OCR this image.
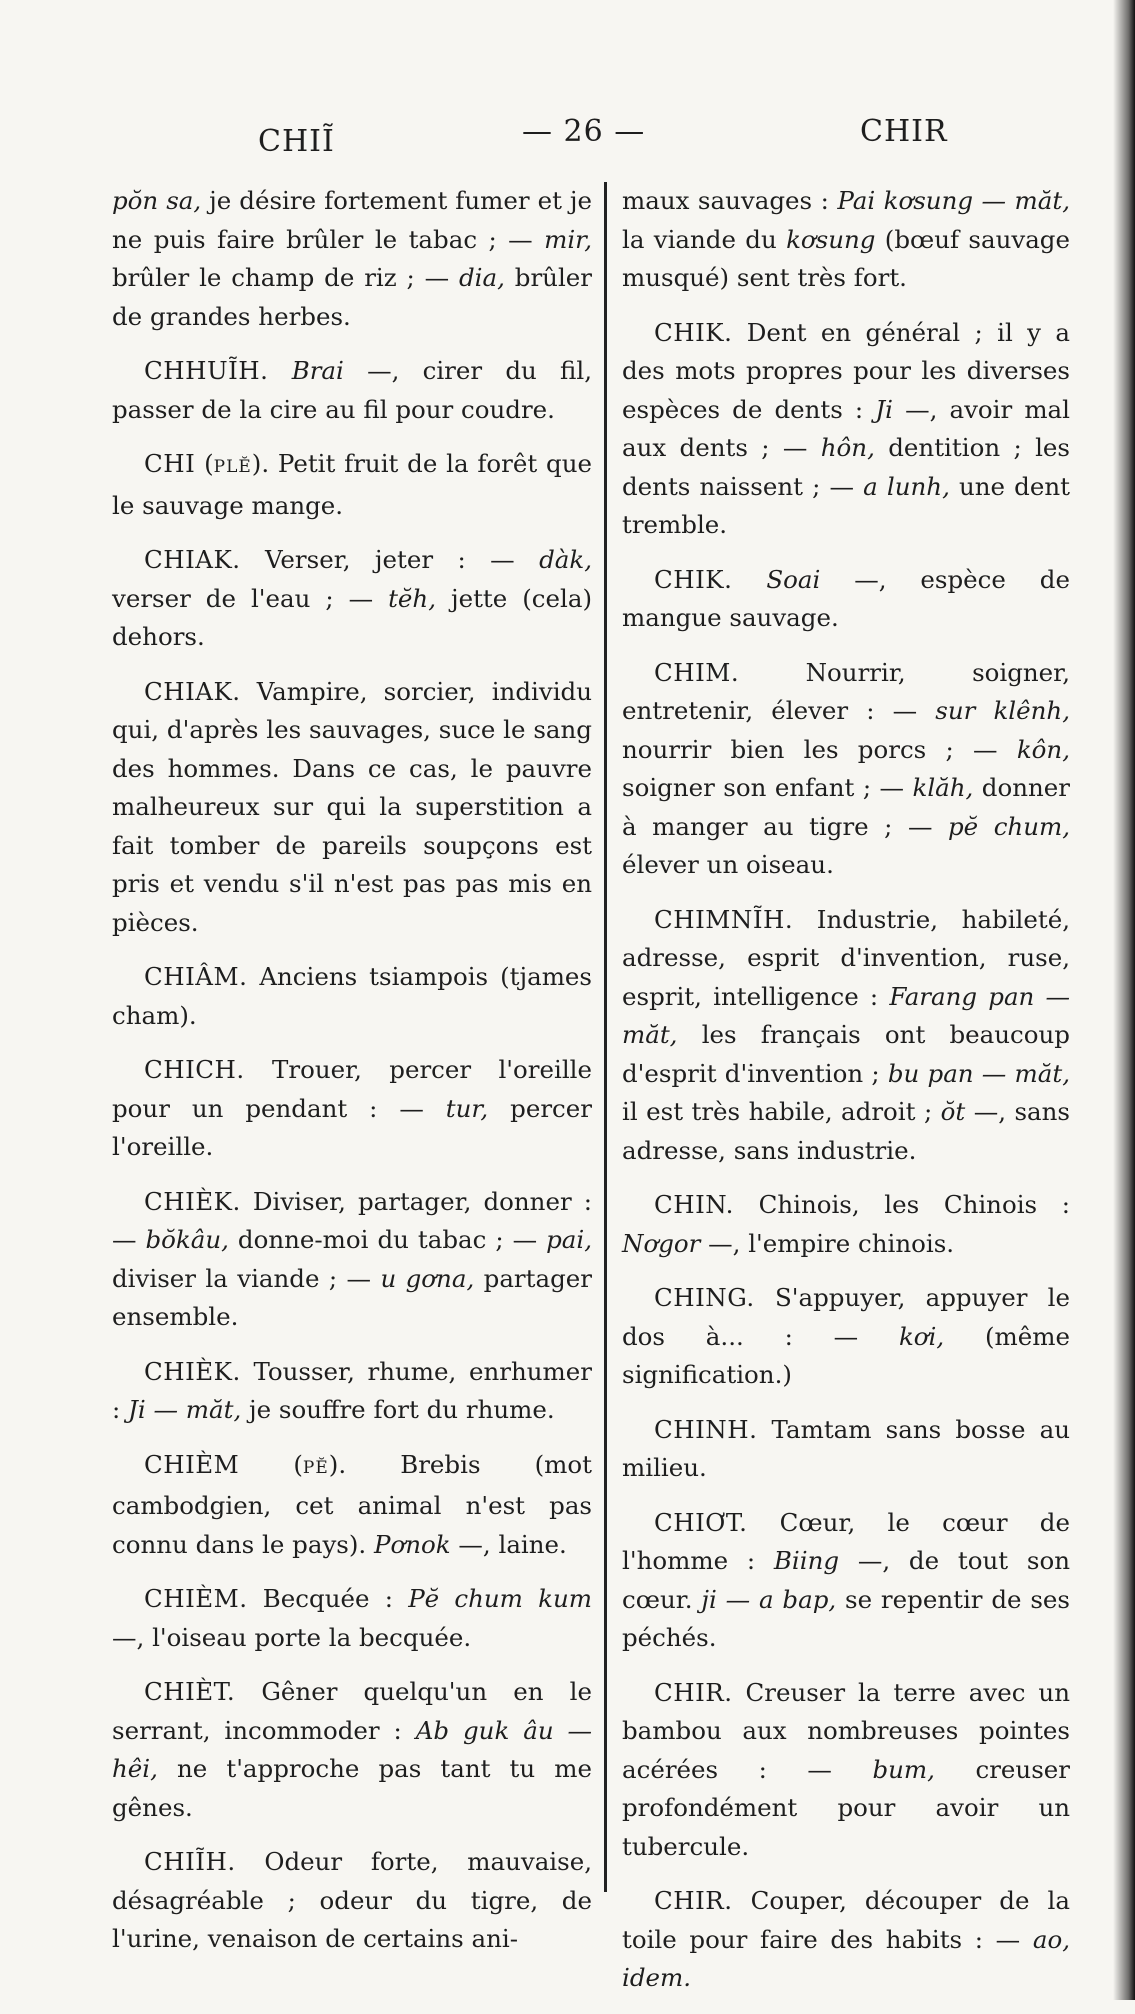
CHIĨ	— 26 —	CHIR

pŏn sa, je désire fortement fumer et je ne puis faire brûler le tabac ; — mir, brûler le champ de riz ; — dia, brûler de grandes herbes.

CHHUĨH. Brai —, cirer du fil, passer de la cire au fil pour coudre.

CHI (PLĔ). Petit fruit de la forêt que le sauvage mange.

CHIAK. Verser, jeter : — dàk, verser de l'eau ; — tĕh, jette (cela) dehors.

CHIAK. Vampire, sorcier, individu qui, d'après les sauvages, suce le sang des hommes. Dans ce cas, le pauvre malheureux sur qui la superstition a fait tomber de pareils soupçons est pris et vendu s'il n'est pas pas mis en pièces.

CHIÂM. Anciens tsiampois (tjames cham).

CHICH. Trouer, percer l'oreille pour un pendant : — tur, percer l'oreille.

CHIÈK. Diviser, partager, donner : — bŏkâu, donne-moi du tabac ; — pai, diviser la viande ; — u gơna, partager ensemble.

CHIÈK. Tousser, rhume, enrhumer : Ji — măt, je souffre fort du rhume.

CHIÈM (PĔ). Brebis (mot cambodgien, cet animal n'est pas connu dans le pays). Pơnok —, laine.

CHIÈM. Becquée : Pĕ chum kum —, l'oiseau porte la becquée.

CHIÈT. Gêner quelqu'un en le serrant, incommoder : Ab guk âu — hêi, ne t'approche pas tant tu me gênes.

CHIĨH. Odeur forte, mauvaise, désagréable ; odeur du tigre, de l'urine, venaison de certains ani-

maux sauvages : Pai kơsung — măt, la viande du kơsung (bœuf sauvage musqué) sent très fort.

CHIK. Dent en général ; il y a des mots propres pour les diverses espèces de dents : Ji —, avoir mal aux dents ; — hôn, dentition ; les dents naissent ; — a lunh, une dent tremble.

CHIK. Soai —, espèce de mangue sauvage.

CHIM. Nourrir, soigner, entretenir, élever : — sur klênh, nourrir bien les porcs ; — kôn, soigner son enfant ; — klăh, donner à manger au tigre ; — pĕ chum, élever un oiseau.

CHIMNĨH. Industrie, habileté, adresse, esprit d'invention, ruse, esprit, intelligence : Farang pan — măt, les français ont beaucoup d'esprit d'invention ; bu pan — măt, il est très habile, adroit ; ŏt —, sans adresse, sans industrie.

CHIN. Chinois, les Chinois : Nơgor —, l'empire chinois.

CHING. S'appuyer, appuyer le dos à... : — kơi, (même signification.)

CHINH. Tamtam sans bosse au milieu.

CHIƠT. Cœur, le cœur de l'homme : Biing —, de tout son cœur. ji — a bap, se repentir de ses péchés.

CHIR. Creuser la terre avec un bambou aux nombreuses pointes acérées : — bum, creuser profondément pour avoir un tubercule.

CHIR. Couper, découper de la toile pour faire des habits : — ao, idem.
